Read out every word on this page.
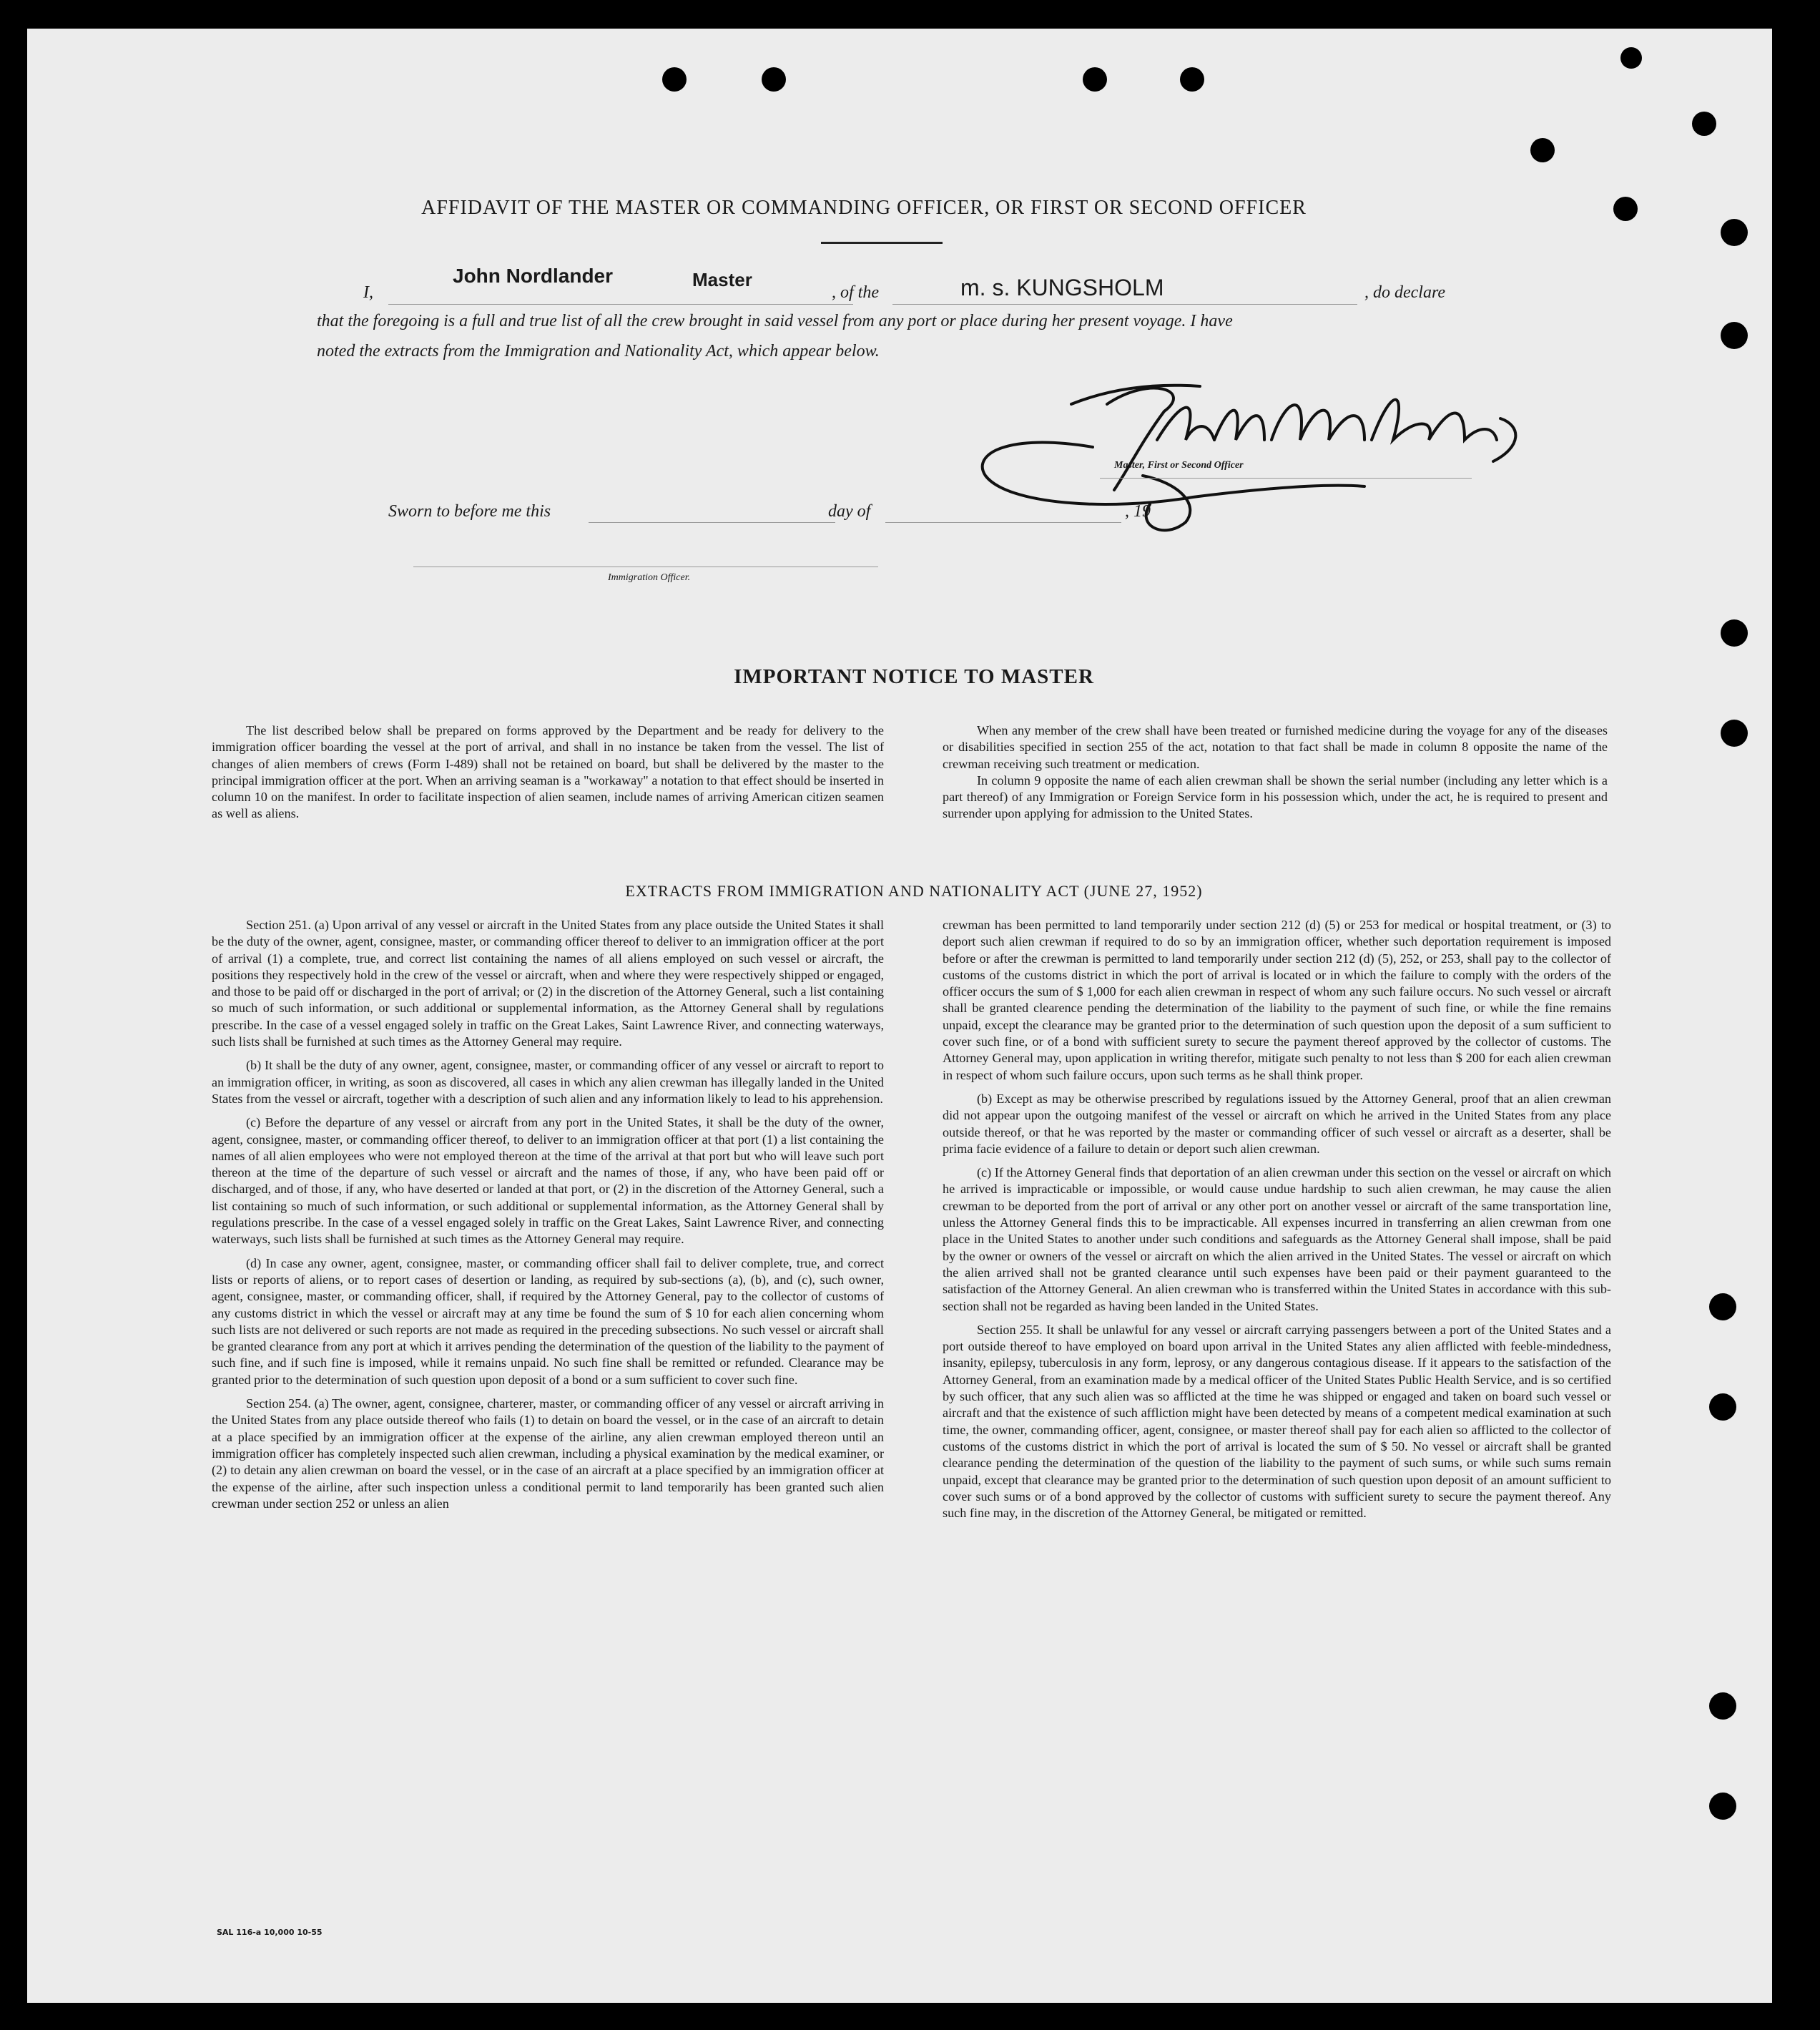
AFFIDAVIT OF THE MASTER OR COMMANDING OFFICER, OR FIRST OR SECOND OFFICER
I,
John Nordlander	Master
, of the	m. s. KUNGSHOLM	, do declare
that the foregoing is a full and true list of all the crew brought in said vessel from any port or place during her present voyage. I have
noted the extracts from the Immigration and Nationality Act, which appear below.
Master, First or Second Officer
Sworn to before me this	day of	, 19
Immigration Officer.
IMPORTANT NOTICE TO MASTER

The list described below shall be prepared on forms approved by the Department and be ready for delivery to the immigration officer boarding the vessel at the port of arrival, and shall in no instance be taken from the vessel. The list of changes of alien members of crews (Form I-489) shall not be retained on board, but shall be delivered by the master to the principal immigration officer at the port. When an arriving seaman is a "workaway" a notation to that effect should be inserted in column 10 on the manifest. In order to facilitate inspection of alien seamen, include names of arriving American citizen seamen as well as aliens.

When any member of the crew shall have been treated or furnished medicine during the voyage for any of the diseases or disabilities specified in section 255 of the act, notation to that fact shall be made in column 8 opposite the name of the crewman receiving such treatment or medication.

In column 9 opposite the name of each alien crewman shall be shown the serial number (including any letter which is a part thereof) of any Immigration or Foreign Service form in his possession which, under the act, he is required to present and surrender upon applying for admission to the United States.

EXTRACTS FROM IMMIGRATION AND NATIONALITY ACT (JUNE 27, 1952)

Section 251. (a) Upon arrival of any vessel or aircraft in the United States from any place outside the United States it shall be the duty of the owner, agent, consignee, master, or commanding officer thereof to deliver to an immigration officer at the port of arrival (1) a complete, true, and correct list containing the names of all aliens employed on such vessel or aircraft, the positions they respectively hold in the crew of the vessel or aircraft, when and where they were respectively shipped or engaged, and those to be paid off or discharged in the port of arrival; or (2) in the discretion of the Attorney General, such a list containing so much of such information, or such additional or supplemental information, as the Attorney General shall by regulations prescribe. In the case of a vessel engaged solely in traffic on the Great Lakes, Saint Lawrence River, and connecting waterways, such lists shall be furnished at such times as the Attorney General may require.

(b) It shall be the duty of any owner, agent, consignee, master, or commanding officer of any vessel or aircraft to report to an immigration officer, in writing, as soon as discovered, all cases in which any alien crewman has illegally landed in the United States from the vessel or aircraft, together with a description of such alien and any information likely to lead to his apprehension.

(c) Before the departure of any vessel or aircraft from any port in the United States, it shall be the duty of the owner, agent, consignee, master, or commanding officer thereof, to deliver to an immigration officer at that port (1) a list containing the names of all alien employees who were not employed thereon at the time of the arrival at that port but who will leave such port thereon at the time of the departure of such vessel or aircraft and the names of those, if any, who have been paid off or discharged, and of those, if any, who have deserted or landed at that port, or (2) in the discretion of the Attorney General, such a list containing so much of such information, or such additional or supplemental information, as the Attorney General shall by regulations prescribe. In the case of a vessel engaged solely in traffic on the Great Lakes, Saint Lawrence River, and connecting waterways, such lists shall be furnished at such times as the Attorney General may require.

(d) In case any owner, agent, consignee, master, or commanding officer shall fail to deliver complete, true, and correct lists or reports of aliens, or to report cases of desertion or landing, as required by sub-sections (a), (b), and (c), such owner, agent, consignee, master, or commanding officer, shall, if required by the Attorney General, pay to the collector of customs of any customs district in which the vessel or aircraft may at any time be found the sum of $ 10 for each alien concerning whom such lists are not delivered or such reports are not made as required in the preceding subsections. No such vessel or aircraft shall be granted clearance from any port at which it arrives pending the determination of the question of the liability to the payment of such fine, and if such fine is imposed, while it remains unpaid. No such fine shall be remitted or refunded. Clearance may be granted prior to the determination of such question upon deposit of a bond or a sum sufficient to cover such fine.

Section 254. (a) The owner, agent, consignee, charterer, master, or commanding officer of any vessel or aircraft arriving in the United States from any place outside thereof who fails (1) to detain on board the vessel, or in the case of an aircraft to detain at a place specified by an immigration officer at the expense of the airline, any alien crewman employed thereon until an immigration officer has completely inspected such alien crewman, including a physical examination by the medical examiner, or (2) to detain any alien crewman on board the vessel, or in the case of an aircraft at a place specified by an immigration officer at the expense of the airline, after such inspection unless a conditional permit to land temporarily has been granted such alien crewman under section 252 or unless an alien

crewman has been permitted to land temporarily under section 212 (d) (5) or 253 for medical or hospital treatment, or (3) to deport such alien crewman if required to do so by an immigration officer, whether such deportation requirement is imposed before or after the crewman is permitted to land temporarily under section 212 (d) (5), 252, or 253, shall pay to the collector of customs of the customs district in which the port of arrival is located or in which the failure to comply with the orders of the officer occurs the sum of $ 1,000 for each alien crewman in respect of whom any such failure occurs. No such vessel or aircraft shall be granted clearence pending the determination of the liability to the payment of such fine, or while the fine remains unpaid, except the clearance may be granted prior to the determination of such question upon the deposit of a sum sufficient to cover such fine, or of a bond with sufficient surety to secure the payment thereof approved by the collector of customs. The Attorney General may, upon application in writing therefor, mitigate such penalty to not less than $ 200 for each alien crewman in respect of whom such failure occurs, upon such terms as he shall think proper.

(b) Except as may be otherwise prescribed by regulations issued by the Attorney General, proof that an alien crewman did not appear upon the outgoing manifest of the vessel or aircraft on which he arrived in the United States from any place outside thereof, or that he was reported by the master or commanding officer of such vessel or aircraft as a deserter, shall be prima facie evidence of a failure to detain or deport such alien crewman.

(c) If the Attorney General finds that deportation of an alien crewman under this section on the vessel or aircraft on which he arrived is impracticable or impossible, or would cause undue hardship to such alien crewman, he may cause the alien crewman to be deported from the port of arrival or any other port on another vessel or aircraft of the same transportation line, unless the Attorney General finds this to be impracticable. All expenses incurred in transferring an alien crewman from one place in the United States to another under such conditions and safeguards as the Attorney General shall impose, shall be paid by the owner or owners of the vessel or aircraft on which the alien arrived in the United States. The vessel or aircraft on which the alien arrived shall not be granted clearance until such expenses have been paid or their payment guaranteed to the satisfaction of the Attorney General. An alien crewman who is transferred within the United States in accordance with this sub-section shall not be regarded as having been landed in the United States.

Section 255. It shall be unlawful for any vessel or aircraft carrying passengers between a port of the United States and a port outside thereof to have employed on board upon arrival in the United States any alien afflicted with feeble-mindedness, insanity, epilepsy, tuberculosis in any form, leprosy, or any dangerous contagious disease. If it appears to the satisfaction of the Attorney General, from an examination made by a medical officer of the United States Public Health Service, and is so certified by such officer, that any such alien was so afflicted at the time he was shipped or engaged and taken on board such vessel or aircraft and that the existence of such affliction might have been detected by means of a competent medical examination at such time, the owner, commanding officer, agent, consignee, or master thereof shall pay for each alien so afflicted to the collector of customs of the customs district in which the port of arrival is located the sum of $ 50. No vessel or aircraft shall be granted clearance pending the determination of the question of the liability to the payment of such sums, or while such sums remain unpaid, except that clearance may be granted prior to the determination of such question upon deposit of an amount sufficient to cover such sums or of a bond approved by the collector of customs with sufficient surety to secure the payment thereof. Any such fine may, in the discretion of the Attorney General, be mitigated or remitted.

SAL 116-a 10,000 10-55
